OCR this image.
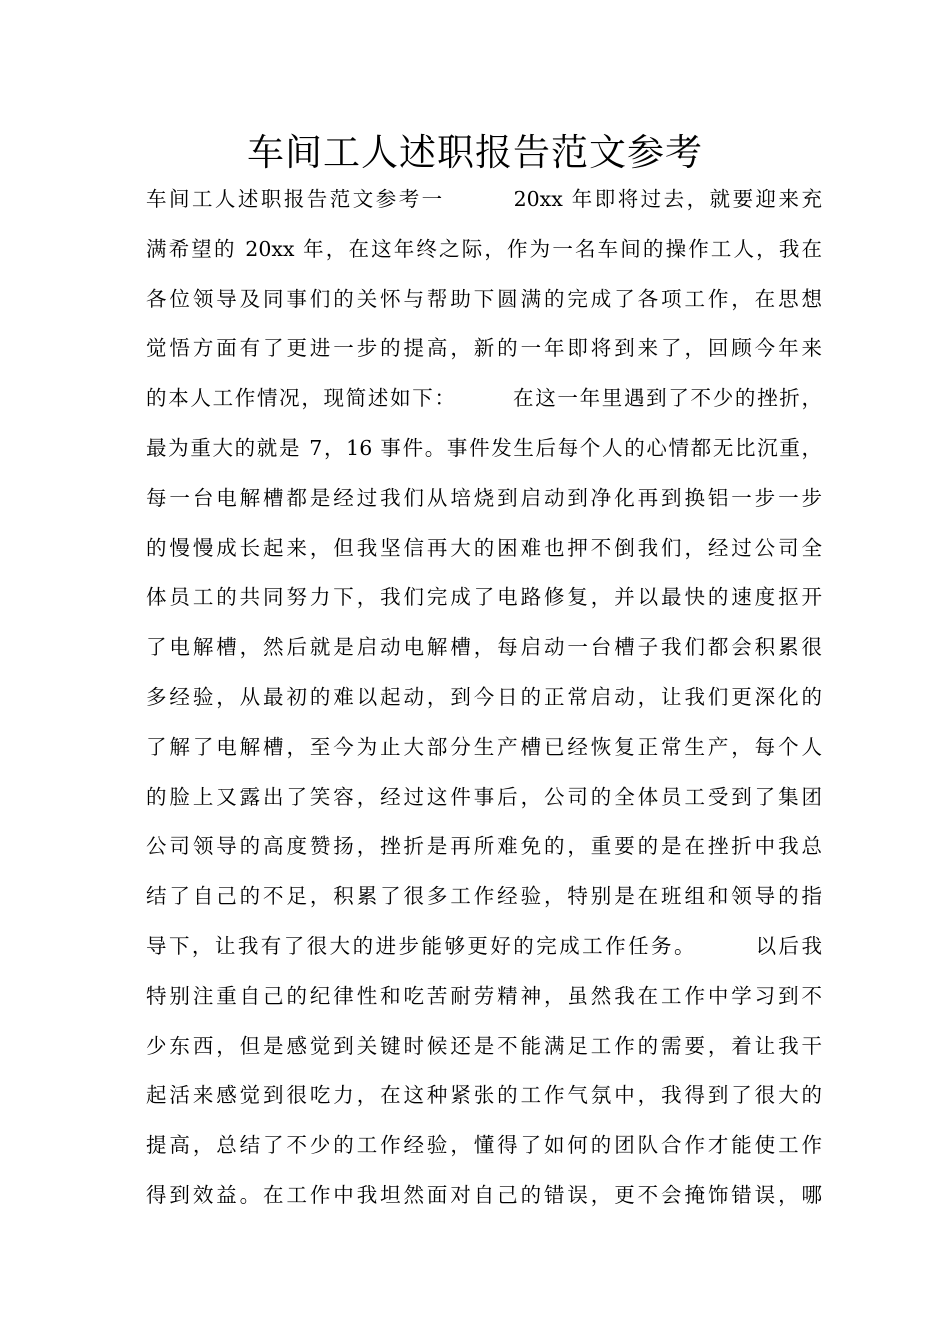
车间工人述职报告范文参考
车间工人述职报告范文参考一　　　20xx 年即将过去，就要迎来充
满希望的 20xx 年，在这年终之际，作为一名车间的操作工人，我在
各位领导及同事们的关怀与帮助下圆满的完成了各项工作，在思想
觉悟方面有了更进一步的提高，新的一年即将到来了，回顾今年来
的本人工作情况，现简述如下：　　　在这一年里遇到了不少的挫折，
最为重大的就是 7，16 事件。事件发生后每个人的心情都无比沉重，
每一台电解槽都是经过我们从培烧到启动到净化再到换铝一步一步
的慢慢成长起来，但我坚信再大的困难也押不倒我们，经过公司全
体员工的共同努力下，我们完成了电路修复，并以最快的速度抠开
了电解槽，然后就是启动电解槽，每启动一台槽子我们都会积累很
多经验，从最初的难以起动，到今日的正常启动，让我们更深化的
了解了电解槽，至今为止大部分生产槽已经恢复正常生产，每个人
的脸上又露出了笑容，经过这件事后，公司的全体员工受到了集团
公司领导的高度赞扬，挫折是再所难免的，重要的是在挫折中我总
结了自己的不足，积累了很多工作经验，特别是在班组和领导的指
导下，让我有了很大的进步能够更好的完成工作任务。　　　以后我
特别注重自己的纪律性和吃苦耐劳精神，虽然我在工作中学习到不
少东西，但是感觉到关键时候还是不能满足工作的需要，着让我干
起活来感觉到很吃力，在这种紧张的工作气氛中，我得到了很大的
提高，总结了不少的工作经验，懂得了如何的团队合作才能使工作
得到效益。在工作中我坦然面对自己的错误，更不会掩饰错误，哪
